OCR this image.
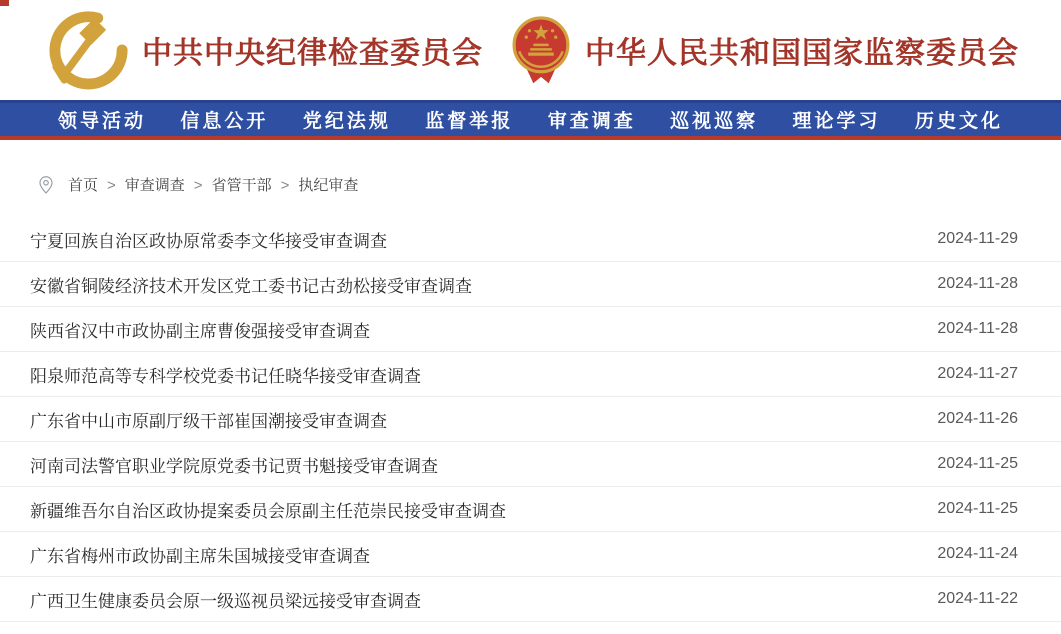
中共中央纪律检查委员会	中华人民共和国国家监察委员会
领导活动 信息公开 党纪法规 监督举报 审查调查 巡视巡察 理论学习 历史文化
首页 > 审查调查 > 省管干部 > 执纪审查
宁夏回族自治区政协原常委李文华接受审查调查	2024-11-29
安徽省铜陵经济技术开发区党工委书记古劲松接受审查调查	2024-11-28
陕西省汉中市政协副主席曹俊强接受审查调查	2024-11-28
阳泉师范高等专科学校党委书记任晓华接受审查调查	2024-11-27
广东省中山市原副厅级干部崔国潮接受审查调查	2024-11-26
河南司法警官职业学院原党委书记贾书魁接受审查调查	2024-11-25
新疆维吾尔自治区政协提案委员会原副主任范崇民接受审查调查	2024-11-25
广东省梅州市政协副主席朱国城接受审查调查	2024-11-24
广西卫生健康委员会原一级巡视员梁远接受审查调查	2024-11-22
